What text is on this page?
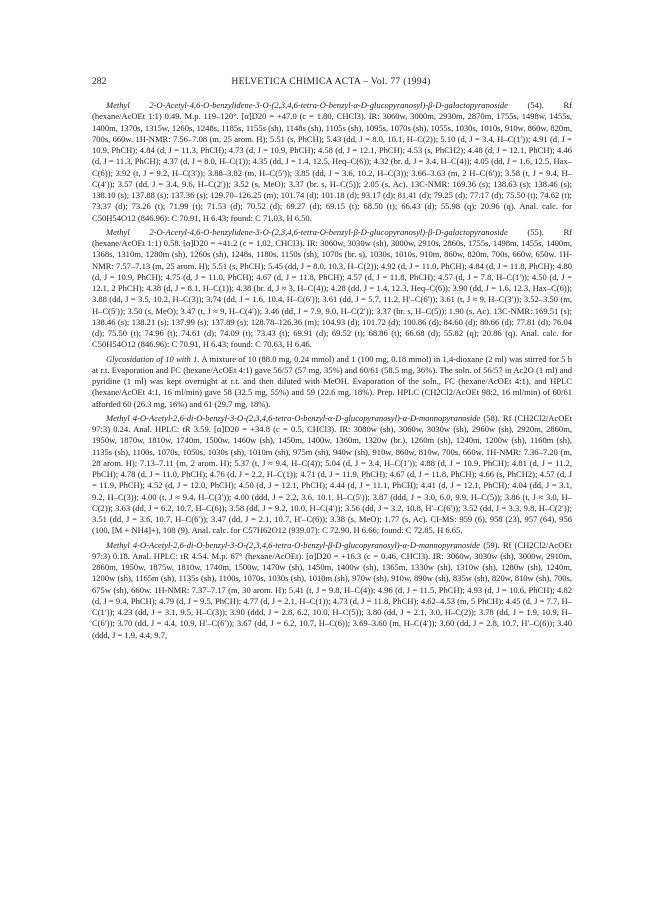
282	HELVETICA CHIMICA ACTA – Vol. 77 (1994)

Methyl 2-O-Acetyl-4,6-O-benzylidene-3-O-(2,3,4,6-tetra-O-benzyl-α-D-glucopyranosyl)-β-D-galactopyranoside (54). Rf (hexane/AcOEt 1:1) 0.49. M.p. 119–120°. [α]D20 = +47.0 (c = 1.80, CHCl3). IR: 3060w, 3000m, 2930m, 2870m, 1755s, 1498w, 1455s, 1400m, 1370s, 1315w, 1260s, 1248s, 1185s, 1155s (sh), 1148s (sh), 1105s (sh), 1095s, 1070s (sh), 1055s, 1030s, 1010s, 910w, 860w, 820m, 700s, 660w. 1H-NMR: 7.56–7.08 (m, 25 arom. H); 5.51 (s, PhCH); 5.43 (dd, J = 8.0, 10.1, H–C(2)); 5.10 (d, J = 3.4, H–C(1′)); 4.91 (d, J = 10.9, PhCH); 4.84 (d, J = 11.3, PhCH); 4.73 (d, J = 10.9, PhCH); 4.58 (d, J = 12.1, PhCH); 4.53 (s, PhCH2); 4.48 (d, J = 12.1, PhCH); 4.46 (d, J = 11.3, PhCH); 4.37 (d, J = 8.0, H–C(1)); 4.35 (dd, J = 1.4, 12.5, Heq–C(6)); 4.32 (br. d, J = 3.4, H–C(4)); 4.05 (dd, J = 1.6, 12.5, Hax–C(6)); 3.92 (t, J = 9.2, H–C(3′)); 3.88–3.82 (m, H–C(5′)); 3.85 (dd, J = 3.6, 10.2, H–C(3)); 3.66–3.63 (m, 2 H–C(6′)); 3.58 (t, J = 9.4, H–C(4′)); 3.57 (dd, J = 3.4, 9.6, H–C(2′)); 3.52 (s, MeO); 3.37 (br. s, H–C(5)); 2.05 (s, Ac). 13C-NMR: 169.36 (s); 138.63 (s); 138.46 (s); 138.10 (s); 137.88 (s); 137.36 (s); 129.70–126.25 (m); 101.74 (d); 101.18 (d); 93.17 (d); 81.41 (d); 79.25 (d); 77.17 (d); 75.50 (t); 74.62 (t); 73.37 (d); 73.26 (t); 71.99 (t); 71.53 (d); 70.52 (d); 69.27 (d); 69.15 (t); 68.50 (t); 66.43 (d); 55.98 (q); 20.96 (q). Anal. calc. for C50H54O12 (846.96): C 70.91, H 6.43; found: C 71.03, H 6.50.

Methyl 2-O-Acetyl-4,6-O-benzylidene-3-O-(2,3,4,6-tetra-O-benzyl-β-D-glucopyranosyl)-β-D-galactopyranoside (55). Rf (hexane/AcOEt 1:1) 0.58. [α]D20 = +41.2 (c = 1.02, CHCl3). IR: 3060w, 3030w (sh), 3000w, 2910s, 2860s, 1755s, 1498m, 1455s, 1400m, 1368s, 1310m, 1280m (sh), 1260s (sh), 1248s, 1180s, 1150s (sh), 1070s (br. s), 1030s, 1010s, 910m, 860w, 820m, 700s, 660w, 650w. 1H-NMR: 7.57–7.13 (m, 25 arom. H); 5.51 (s, PhCH); 5.45 (dd, J = 8.0, 10.3, H–C(2)); 4.92 (d, J = 11.0, PhCH); 4.84 (d, J = 11.8, PhCH); 4.80 (d, J = 10.9, PhCH); 4.75 (d, J = 11.0, PhCH); 4.67 (d, J = 11.8, PhCH); 4.57 (d, J = 11.8, PhCH); 4.57 (d, J = 7.8, H–C(1′)); 4.50 (d, J = 12.1, 2 PhCH); 4.38 (d, J = 8.1, H–C(1)); 4.38 (br. d, J ≈ 3, H–C(4)); 4.28 (dd, J = 1.4, 12.3, Heq–C(6)); 3.90 (dd, J = 1.6, 12.3, Hax–C(6)); 3.88 (dd, J = 3.5, 10.2, H–C(3)); 3.74 (dd, J = 1.6, 10.4, H–C(6′)); 3.61 (dd, J = 5.7, 11.2, H′–C(6′)); 3.61 (t, J ≈ 9, H–C(3′)); 3.52–3.50 (m, H–C(5′)); 3.50 (s, MeO); 3.47 (t, J ≈ 9, H–C(4′)); 3.46 (dd, J = 7.9, 9.0, H–C(2′)); 3.37 (br. s, H–C(5)); 1.90 (s, Ac). 13C-NMR: 169.51 (s); 138.46 (s); 138.21 (s); 137.99 (s); 137.89 (s); 128.78–126.36 (m); 104.93 (d); 101.72 (d); 100.86 (d); 84.60 (d); 80.66 (d); 77.81 (d); 76.04 (d); 75.50 (t); 74.96 (t); 74.61 (d); 74.09 (t); 73.43 (t); 69.91 (d); 69.52 (t); 68.86 (t); 66.68 (d); 55.82 (q); 20.86 (q). Anal. calc. for C50H54O12 (846.96): C 70.91, H 6.43; found: C 70.63, H 6.46.

Glycosidation of 10 with 1. A mixture of 10 (88.0 mg, 0.24 mmol) and 1 (100 mg, 0.18 mmol) in 1,4-dioxane (2 ml) was stirred for 5 h at r.t. Evaporation and FC (hexane/AcOEt 4:1) gave 56/57 (57 mg, 35%) and 60/61 (58.5 mg, 36%). The soln. of 56/57 in Ac2O (1 ml) and pyridine (1 ml) was kept overnight at r.t. and then diluted with MeOH. Evaporation of the soln., FC (hexane/AcOEt 4:1), and HPLC (hexane/AcOEt 4:1, 16 ml/min) gave 58 (32.5 mg, 55%) and 59 (22.6 mg, 18%). Prep. HPLC (CH2Cl2/AcOEt 98:2, 16 ml/min) of 60/61 afforded 60 (26.3 mg, 16%) and 61 (29.7 mg, 18%).

Methyl 4-O-Acetyl-2,6-di-O-benzyl-3-O-(2,3,4,6-tetra-O-benzyl-α-D-glucopyranosyl)-α-D-mannopyranoside (58). Rf (CH2Cl2/AcOEt 97:3) 0.24. Anal. HPLC: tR 3.59. [α]D20 = +34.8 (c = 0.5, CHCl3). IR: 3080w (sh), 3060w, 3030w (sh), 2960w (sh), 2920m, 2860m, 1950w, 1870w, 1810w, 1740m, 1500w, 1460w (sh), 1450m, 1400w, 1360m, 1320w (br.), 1260m (sh), 1240m, 1200w (sh), 1160m (sh), 1135s (sh), 1100s, 1070s, 1050s, 1030s (sh), 1010m (sh), 975m (sh), 940w (sh), 910w, 860w, 810w, 700s, 660w. 1H-NMR: 7.36–7.20 (m, 28 arom. H); 7.13–7.11 (m, 2 arom. H); 5.37 (t, J ≈ 9.4, H–C(4)); 5.04 (d, J = 3.4, H–C(1′)); 4.88 (d, J = 10.9, PhCH); 4.81 (d, J = 11.2, PhCH); 4.78 (d, J = 11.0, PhCH); 4.76 (d, J = 2.2, H–C(1)); 4.71 (d, J = 11.9, PhCH); 4.67 (d, J = 11.8, PhCH); 4.66 (s, PhCH2); 4.57 (d, J = 11.9, PhCH); 4.52 (d, J = 12.0, PhCH); 4.50 (d, J = 12.1, PhCH); 4.44 (d, J = 11.1, PhCH); 4.41 (d, J = 12.1, PhCH); 4.04 (dd, J = 3.1, 9.2, H–C(3)); 4.00 (t, J ≈ 9.4, H–C(3′)); 4.00 (ddd, J = 2.2, 3.6, 10.1, H–C(5′)); 3.87 (ddd, J = 3.0, 6.0, 9.9, H–C(5)); 3.86 (t, J ≈ 3.0, H–C(2)); 3.63 (dd, J = 6.2, 10.7, H–C(6)); 3.58 (dd, J = 9.2, 10.0, H–C(4′)); 3.56 (dd, J = 3.2, 10.8, H′–C(6′)); 3.52 (dd, J = 3.3, 9.8, H–C(2′)); 3.51 (dd, J = 3.6, 10.7, H–C(6′)); 3.47 (dd, J = 2.1, 10.7, H′–C(6)); 3.38 (s, MeO); 1.77 (s, Ac). CI-MS: 959 (6), 958 (23), 957 (64), 956 (100, [M + NH4]+), 108 (9). Anal. calc. for C57H62O12 (939.07): C 72.90, H 6.66; found: C 72.85, H 6.65.

Methyl 4-O-Acetyl-2,6-di-O-benzyl-3-O-(2,3,4,6-tetra-O-benzyl-β-D-glucopyranosyl)-α-D-mannopyranoside (59). Rf (CH2Cl2/AcOEt 97:3) 0.18. Anal. HPLC: tR 4.54. M.p. 67° (hexane/AcOEt). [α]D20 = +16.3 (c = 0.46, CHCl3). IR: 3060w, 3030w (sh), 3000w, 2910m, 2860m, 1950w, 1875w, 1810w, 1740m, 1500w, 1470w (sh), 1450m, 1400w (sh), 1365m, 1330w (sh), 1310w (sh), 1280w (sh), 1240m, 1200w (sh), 1165m (sh), 1135s (sh), 1100s, 1070s, 1030s (sh), 1010m (sh), 970w (sh), 910w, 890w (sh), 835w (sh), 820w, 810w (sh), 700s, 675w (sh), 660w. 1H-NMR: 7.37–7.17 (m, 30 arom. H); 5.41 (t, J = 9.8, H–C(4)); 4.96 (d, J = 11.5, PhCH); 4.93 (d, J = 10.6, PhCH); 4.82 (d, J = 9.4, PhCH); 4.79 (d, J = 9.5, PhCH); 4.77 (d, J = 2.1, H–C(1)); 4.73 (d, J = 11.8, PhCH); 4.62–4.53 (m, 5 PhCH); 4.45 (d, J = 7.7, H–C(1′)); 4.23 (dd, J = 3.1, 9.5, H–C(3)); 3.90 (ddd, J = 2.8, 6.2, 10.0, H–C(5)); 3.80 (dd, J = 2.1, 3.0, H–C(2)); 3.78 (dd, J = 1.9, 10.9, H–C(6′)); 3.70 (dd, J = 4.4, 10.9, H′–C(6′)); 3.67 (dd, J = 6.2, 10.7, H–C(6)); 3.69–3.60 (m, H–C(4′)); 3.60 (dd, J = 2.8, 10.7, H′–C(6)); 3.40 (ddd, J = 1.9, 4.4, 9.7,
